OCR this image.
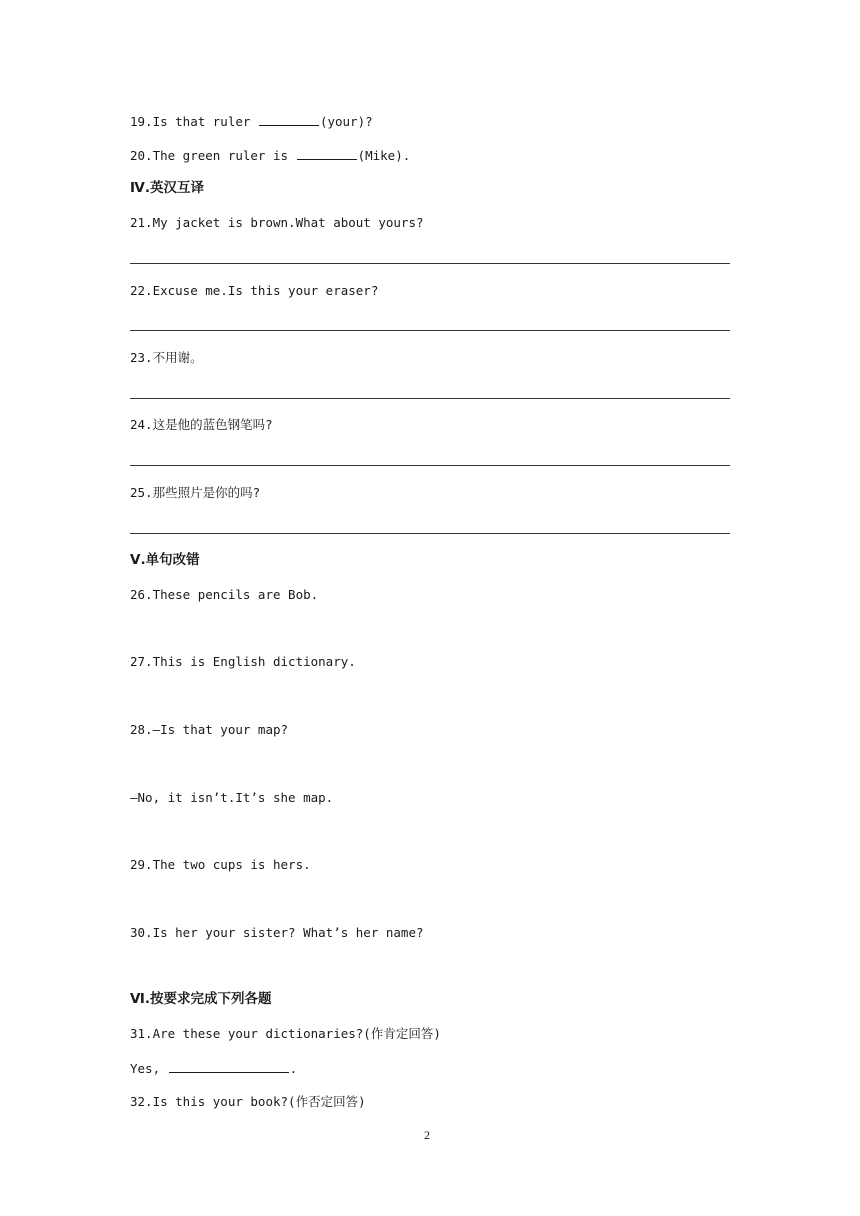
19.Is that ruler	(your)?
20.The green ruler is	(Mike).
Ⅳ.英汉互译
21.My jacket is brown.What about yours?
22.Excuse me.Is this your eraser?
23.不用谢。
24.这是他的蓝色钢笔吗?
25.那些照片是你的吗?
Ⅴ.单句改错
26.These pencils are Bob.
27.This is English dictionary.
28.—Is that your map?
—No, it isn’t.It’s she map.
29.The two cups is hers.
30.Is her your sister? What’s her name?
Ⅵ.按要求完成下列各题
31.Are these your dictionaries?(作肯定回答)
Yes,	.
32.Is this your book?(作否定回答)
2
